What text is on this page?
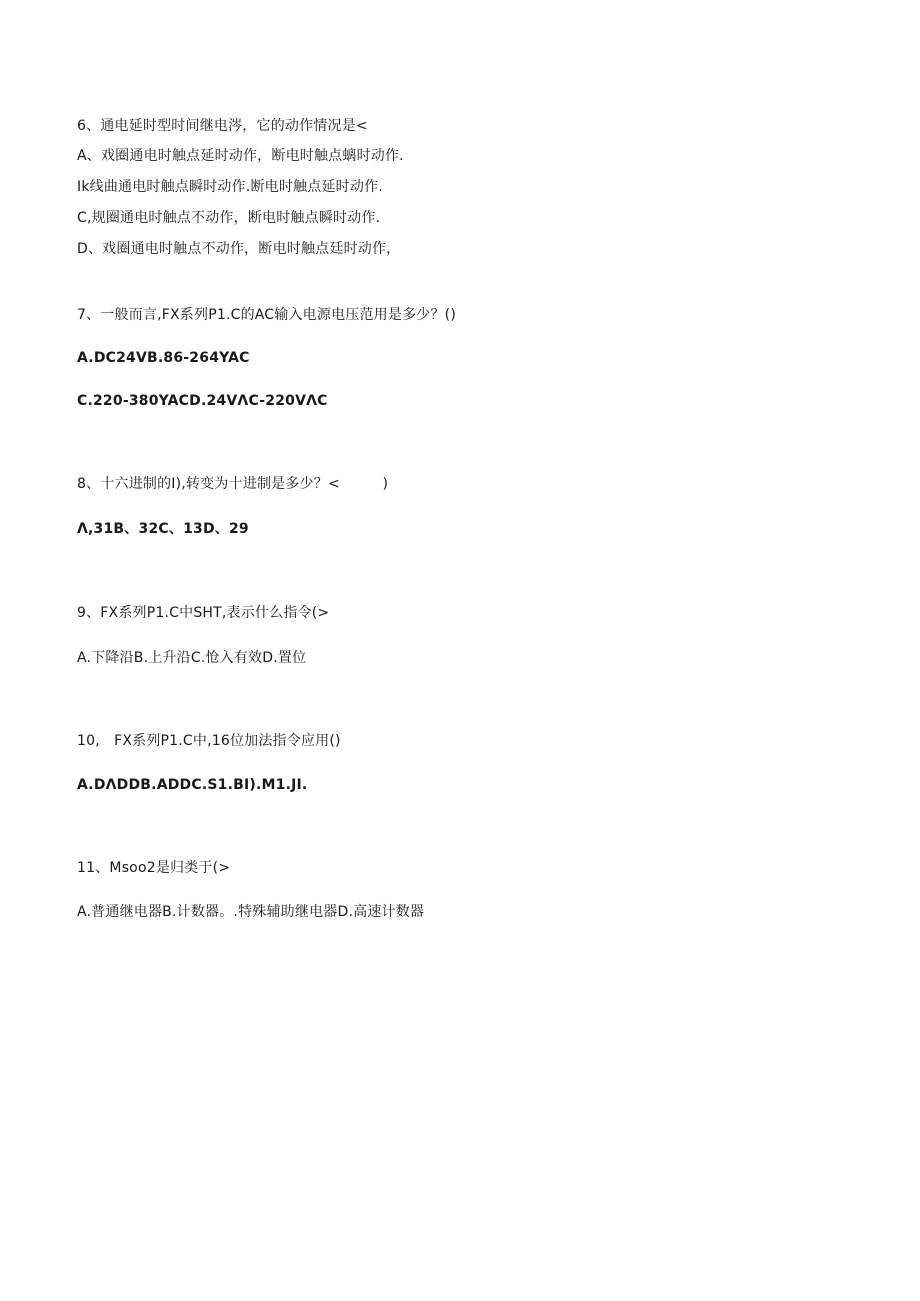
6、通电延时型时间继电涔，它的动作情况是<
A、戏圈通电时触点延时动作，断电时触点螭时动作.
Ik线曲通电时触点瞬时动作.断电时触点延时动作.
C,规圈通电时触点不动作，断电时触点瞬时动作.
D、戏圈通电时触点不动作，断电时触点廷时动作，
7、一般而言,FX系列P1.C的AC输入电源电压范用是多少？()
A.DC24VB.86-264YAC
C.220-380YACD.24VΛC-220VΛC
8、十六进制的I),转变为十进制是多少？<　　　)
Λ,31B、32C、13D、29
9、FX系列P1.C中SHT,表示什么指令(>
A.下降沿B.上升沿C.怆入有效D.置位
10,　FX系列P1.C中,16位加法指令应用()
A.DΛDDB.ADDC.S1.BI).M1.JI.
11、Msoo2是归类于(>
A.普通继电器B.计数器。.特殊辅助继电器D.高速计数器
